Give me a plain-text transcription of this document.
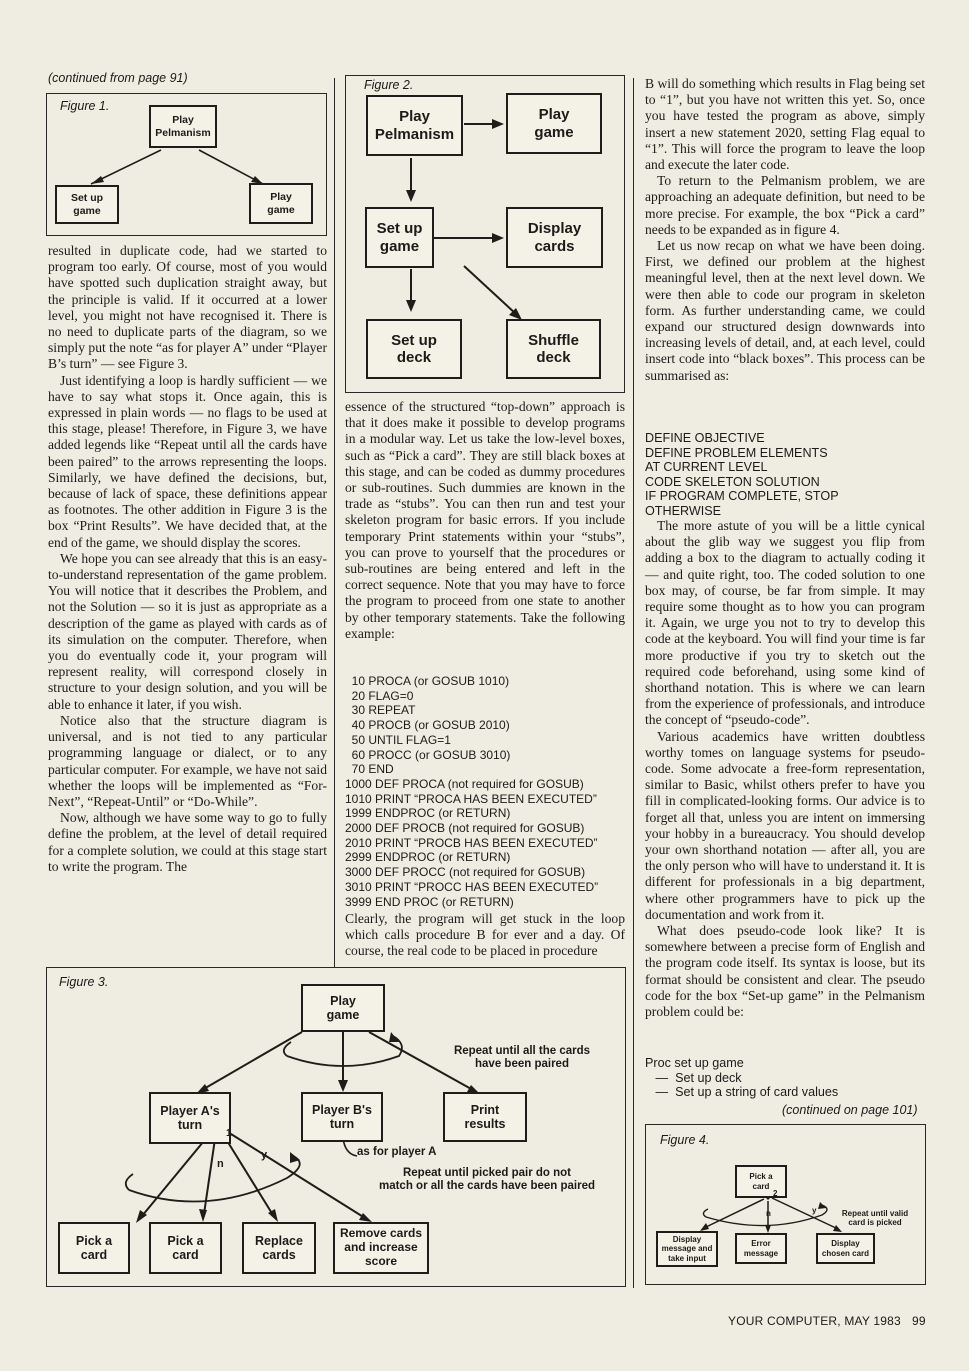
(continued from page 91)
Figure 1.
Play
Pelmanism
Set up
game
Play
game

resulted in duplicate code, had we started to program too early. Of course, most of you would have spotted such duplication straight away, but the principle is valid. If it occurred at a lower level, you might not have recognised it. There is no need to duplicate parts of the diagram, so we simply put the note “as for player A” under “Player B’s turn” — see Figure 3.

Just identifying a loop is hardly sufficient — we have to say what stops it. Once again, this is expressed in plain words — no flags to be used at this stage, please! Therefore, in Figure 3, we have added legends like “Repeat until all the cards have been paired” to the arrows representing the loops. Similarly, we have defined the decisions, but, because of lack of space, these definitions appear as footnotes. The other addition in Figure 3 is the box “Print Results”. We have decided that, at the end of the game, we should display the scores.

We hope you can see already that this is an easy-to-understand representation of the game problem. You will notice that it describes the Problem, and not the Solution — so it is just as appropriate as a description of the game as played with cards as of its simulation on the computer. Therefore, when you do eventually code it, your program will represent reality, will correspond closely in structure to your design solution, and you will be able to enhance it later, if you wish.

Notice also that the structure diagram is universal, and is not tied to any particular programming language or dialect, or to any particular computer. For example, we have not said whether the loops will be implemented as “For-Next”, “Repeat-Until” or “Do-While”.

Now, although we have some way to go to fully define the problem, at the level of detail required for a complete solution, we could at this stage start to write the program. The

Figure 2.
Play
Pelmanism
Play
game
Set up
game
Display
cards
Set up
deck
Shuffle
deck

essence of the structured “top-down” approach is that it does make it possible to develop programs in a modular way. Let us take the low-level boxes, such as “Pick a card”. They are still black boxes at this stage, and can be coded as dummy procedures or sub-routines. Such dummies are known in the trade as “stubs”. You can then run and test your skeleton program for basic errors. If you include temporary Print statements within your “stubs”, you can prove to yourself that the procedures or sub-routines are being entered and left in the correct sequence. Note that you may have to force the program to proceed from one state to another by other temporary statements. Take the following example:

10 PROCA (or GOSUB 1010)
20 FLAG=0
30 REPEAT
40 PROCB (or GOSUB 2010)
50 UNTIL FLAG=1
60 PROCC (or GOSUB 3010)
70 END
1000 DEF PROCA (not required for GOSUB)
1010 PRINT “PROCA HAS BEEN EXECUTED”
1999 ENDPROC (or RETURN)
2000 DEF PROCB (not required for GOSUB)
2010 PRINT “PROCB HAS BEEN EXECUTED”
2999 ENDPROC (or RETURN)
3000 DEF PROCC (not required for GOSUB)
3010 PRINT “PROCC HAS BEEN EXECUTED”
3999 END PROC (or RETURN)

Clearly, the program will get stuck in the loop which calls procedure B for ever and a day. Of course, the real code to be placed in procedure

B will do something which results in Flag being set to “1”, but you have not written this yet. So, once you have tested the program as above, simply insert a new statement 2020, setting Flag equal to “1”. This will force the program to leave the loop and execute the later code.

To return to the Pelmanism problem, we are approaching an adequate definition, but need to be more precise. For example, the box “Pick a card” needs to be expanded as in figure 4.

Let us now recap on what we have been doing. First, we defined our problem at the highest meaningful level, then at the next level down. We were then able to code our program in skeleton form. As further understanding came, we could expand our structured design downwards into increasing levels of detail, and, at each level, could insert code into “black boxes”. This process can be summarised as:

DEFINE OBJECTIVE
DEFINE PROBLEM ELEMENTS
AT CURRENT LEVEL
CODE SKELETON SOLUTION
IF PROGRAM COMPLETE, STOP
OTHERWISE

The more astute of you will be a little cynical about the glib way we suggest you flip from adding a box to the diagram to actually coding it — and quite right, too. The coded solution to one box may, of course, be far from simple. It may require some thought as to how you can program it. Again, we urge you not to try to develop this code at the keyboard. You will find your time is far more productive if you try to sketch out the required code beforehand, using some kind of shorthand notation. This is where we can learn from the experience of professionals, and introduce the concept of “pseudo-code”.

Various academics have written doubtless worthy tomes on language systems for pseudo-code. Some advocate a free-form representation, similar to Basic, whilst others prefer to have you fill in complicated-looking forms. Our advice is to forget all that, unless you are intent on immersing your hobby in a bureaucracy. You should develop your own shorthand notation — after all, you are the only person who will have to understand it. It is different for professionals in a big department, where other programmers have to pick up the documentation and work from it.

What does pseudo-code look like? It is somewhere between a precise form of English and the program code itself. Its syntax is loose, but its format should be consistent and clear. The pseudo code for the box “Set-up game” in the Pelmanism problem could be:

Proc set up game
—  Set up deck
—  Set up a string of card values
(continued on page 101)
Figure 3.
Play
game
Player A's
turn
1
Player B's
turn
Print
results
Repeat until all the cards
have been paired
as for player A
n
y
Repeat until picked pair do not
match or all the cards have been paired
Pick a
card
Pick a
card
Replace
cards
Remove cards
and increase
score
Figure 4.
Pick a
card
2
n	y	Repeat until valid
card is picked
Display
message and
take input
Error
message
Display
chosen card
YOUR COMPUTER, MAY 1983 99
